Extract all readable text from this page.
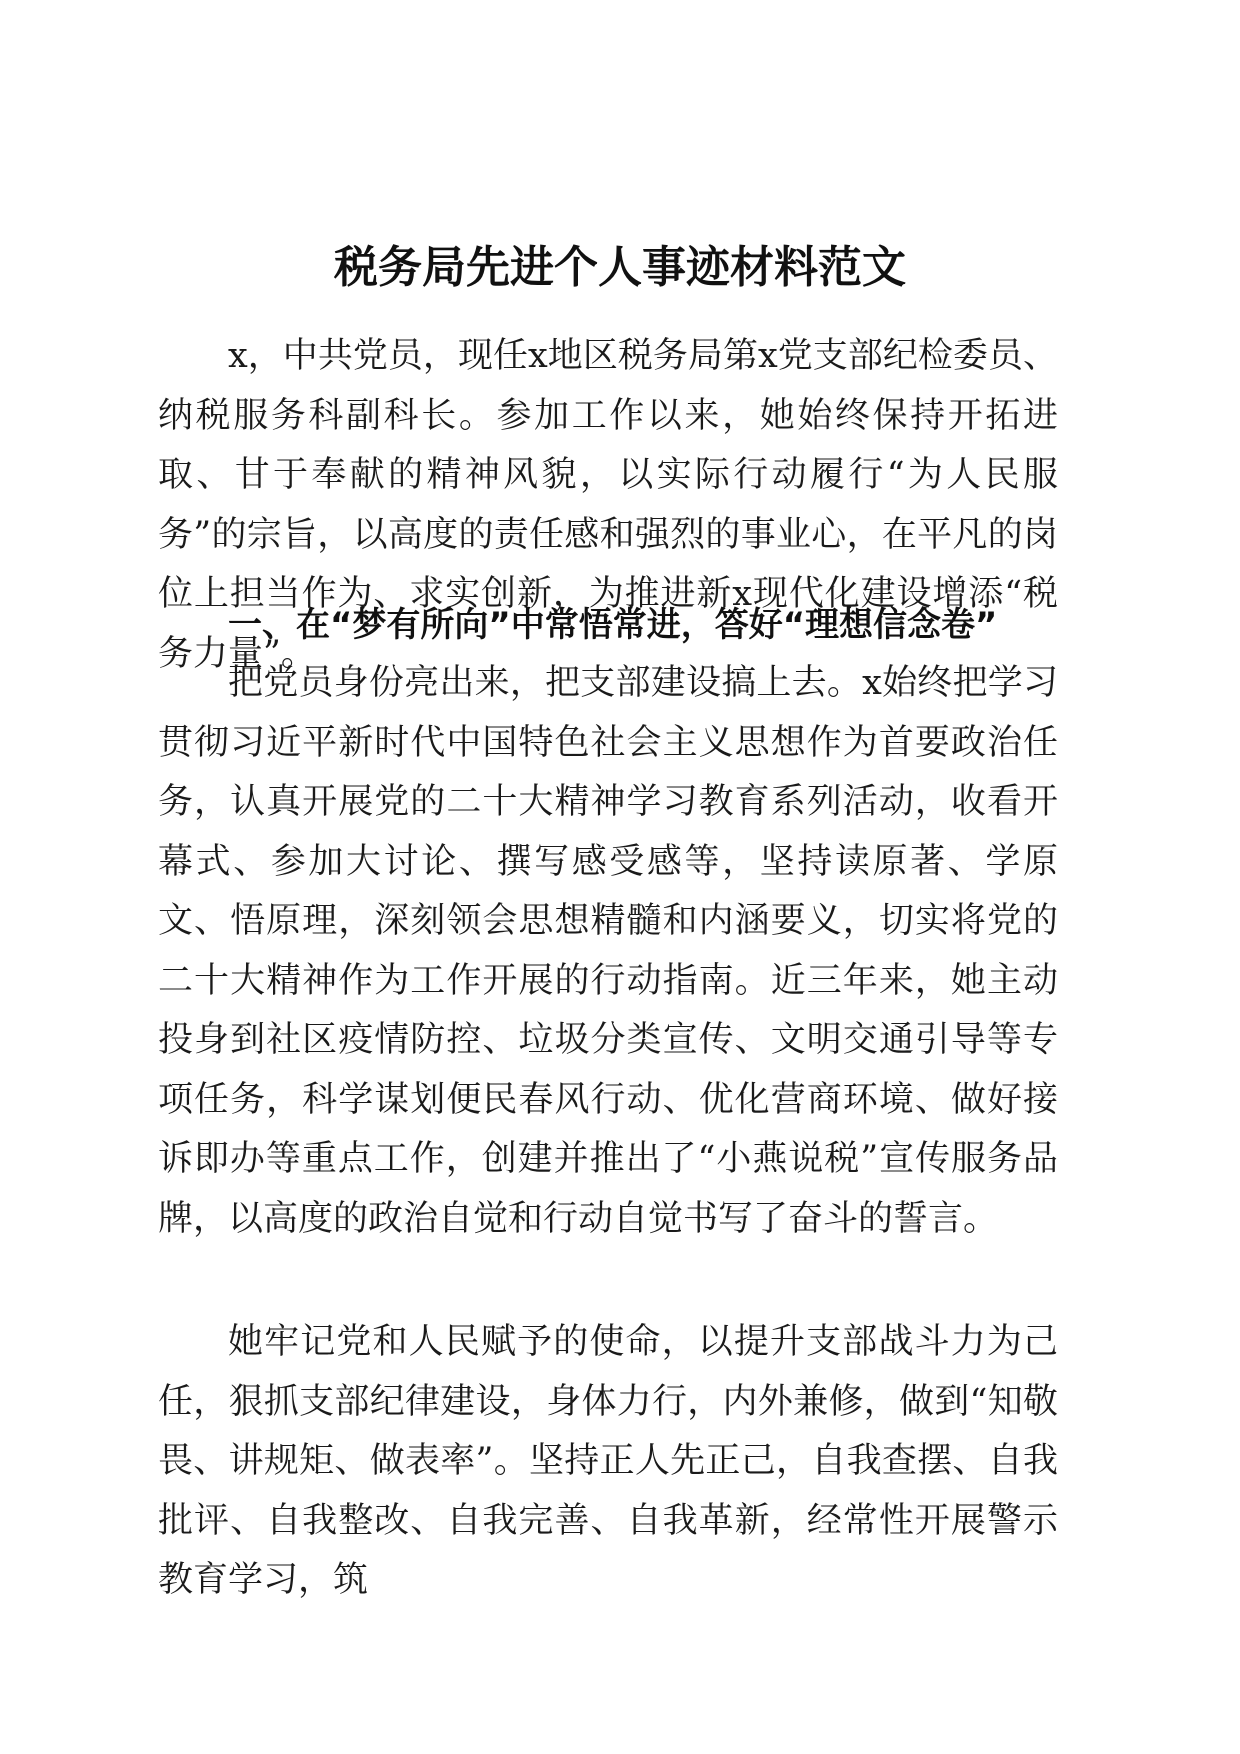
税务局先进个人事迹材料范文

x，中共党员，现任x地区税务局第x党支部纪检委员、纳税服务科副科长。参加工作以来，她始终保持开拓进取、甘于奉献的精神风貌，以实际行动履行“为人民服务”的宗旨，以高度的责任感和强烈的事业心，在平凡的岗位上担当作为、求实创新，为推进新x现代化建设增添“税务力量”。

一、在“梦有所向”中常悟常进，答好“理想信念卷”

把党员身份亮出来，把支部建设搞上去。x始终把学习贯彻习近平新时代中国特色社会主义思想作为首要政治任务，认真开展党的二十大精神学习教育系列活动，收看开幕式、参加大讨论、撰写感受感等，坚持读原著、学原文、悟原理，深刻领会思想精髓和内涵要义，切实将党的二十大精神作为工作开展的行动指南。近三年来，她主动投身到社区疫情防控、垃圾分类宣传、文明交通引导等专项任务，科学谋划便民春风行动、优化营商环境、做好接诉即办等重点工作，创建并推出了“小燕说税”宣传服务品牌，以高度的政治自觉和行动自觉书写了奋斗的誓言。

她牢记党和人民赋予的使命，以提升支部战斗力为己任，狠抓支部纪律建设，身体力行，内外兼修，做到“知敬畏、讲规矩、做表率”。坚持正人先正己，自我查摆、自我批评、自我整改、自我完善、自我革新，经常性开展警示教育学习，筑
